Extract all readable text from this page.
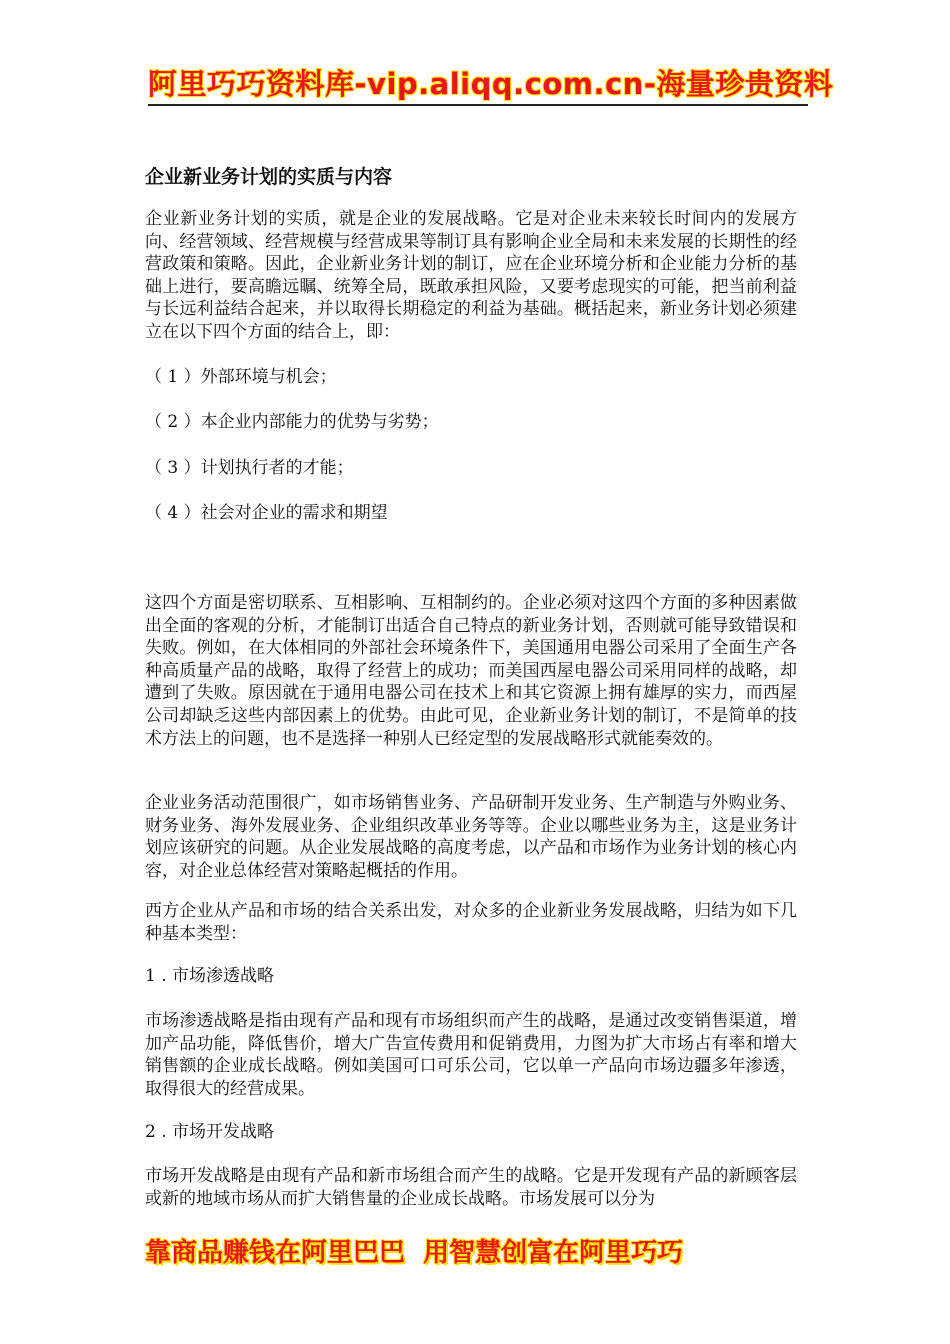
阿里巧巧资料库-vip.aliqq.com.cn-海量珍贵资料
企业新业务计划的实质与内容
企业新业务计划的实质，就是企业的发展战略。它是对企业未来较长时间内的发展方向、经营领域、经营规模与经营成果等制订具有影响企业全局和未来发展的长期性的经营政策和策略。因此，企业新业务计划的制订，应在企业环境分析和企业能力分析的基础上进行，要高瞻远瞩、统筹全局，既敢承担风险，又要考虑现实的可能，把当前利益与长远利益结合起来，并以取得长期稳定的利益为基础。概括起来，新业务计划必须建立在以下四个方面的结合上，即：
（ 1 ）外部环境与机会；
（ 2 ）本企业内部能力的优势与劣势；
（ 3 ）计划执行者的才能；
（ 4 ）社会对企业的需求和期望
这四个方面是密切联系、互相影响、互相制约的。企业必须对这四个方面的多种因素做出全面的客观的分析，才能制订出适合自己特点的新业务计划，否则就可能导致错误和失败。例如，在大体相同的外部社会环境条件下，美国通用电器公司采用了全面生产各种高质量产品的战略，取得了经营上的成功；而美国西屋电器公司采用同样的战略，却遭到了失败。原因就在于通用电器公司在技术上和其它资源上拥有雄厚的实力，而西屋公司却缺乏这些内部因素上的优势。由此可见，企业新业务计划的制订，不是简单的技术方法上的问题，也不是选择一种别人已经定型的发展战略形式就能奏效的。
企业业务活动范围很广，如市场销售业务、产品研制开发业务、生产制造与外购业务、财务业务、海外发展业务、企业组织改革业务等等。企业以哪些业务为主，这是业务计划应该研究的问题。从企业发展战略的高度考虑，以产品和市场作为业务计划的核心内容，对企业总体经营对策略起概括的作用。
西方企业从产品和市场的结合关系出发，对众多的企业新业务发展战略，归结为如下几种基本类型：
1 . 市场渗透战略
市场渗透战略是指由现有产品和现有市场组织而产生的战略，是通过改变销售渠道，增加产品功能，降低售价，增大广告宣传费用和促销费用，力图为扩大市场占有率和增大销售额的企业成长战略。例如美国可口可乐公司，它以单一产品向市场边疆多年渗透，取得很大的经营成果。
2 . 市场开发战略
市场开发战略是由现有产品和新市场组合而产生的战略。它是开发现有产品的新顾客层或新的地域市场从而扩大销售量的企业成长战略。市场发展可以分为
靠商品赚钱在阿里巴巴  用智慧创富在阿里巧巧
